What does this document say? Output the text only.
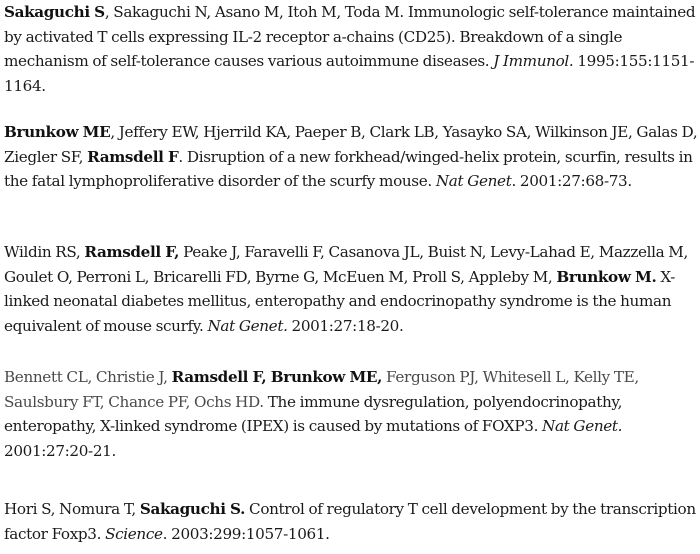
Sakaguchi S, Sakaguchi N, Asano M, Itoh M, Toda M. Immunologic self-tolerance maintained by activated T cells expressing IL-2 receptor a-chains (CD25). Breakdown of a single mechanism of self-tolerance causes various autoimmune diseases. J Immunol. 1995:155:1151-1164.

Brunkow ME, Jeffery EW, Hjerrild KA, Paeper B, Clark LB, Yasayko SA, Wilkinson JE, Galas D, Ziegler SF, Ramsdell F. Disruption of a new forkhead/winged-helix protein, scurfin, results in the fatal lymphoproliferative disorder of the scurfy mouse. Nat Genet. 2001:27:68-73.

Wildin RS, Ramsdell F, Peake J, Faravelli F, Casanova JL, Buist N, Levy-Lahad E, Mazzella M, Goulet O, Perroni L, Bricarelli FD, Byrne G, McEuen M, Proll S, Appleby M, Brunkow M. X-linked neonatal diabetes mellitus, enteropathy and endocrinopathy syndrome is the human equivalent of mouse scurfy. Nat Genet. 2001:27:18-20.

Bennett CL, Christie J, Ramsdell F, Brunkow ME, Ferguson PJ, Whitesell L, Kelly TE, Saulsbury FT, Chance PF, Ochs HD. The immune dysregulation, polyendocrinopathy, enteropathy, X-linked syndrome (IPEX) is caused by mutations of FOXP3. Nat Genet. 2001:27:20-21.

Hori S, Nomura T, Sakaguchi S. Control of regulatory T cell development by the transcription factor Foxp3. Science. 2003:299:1057-1061.
